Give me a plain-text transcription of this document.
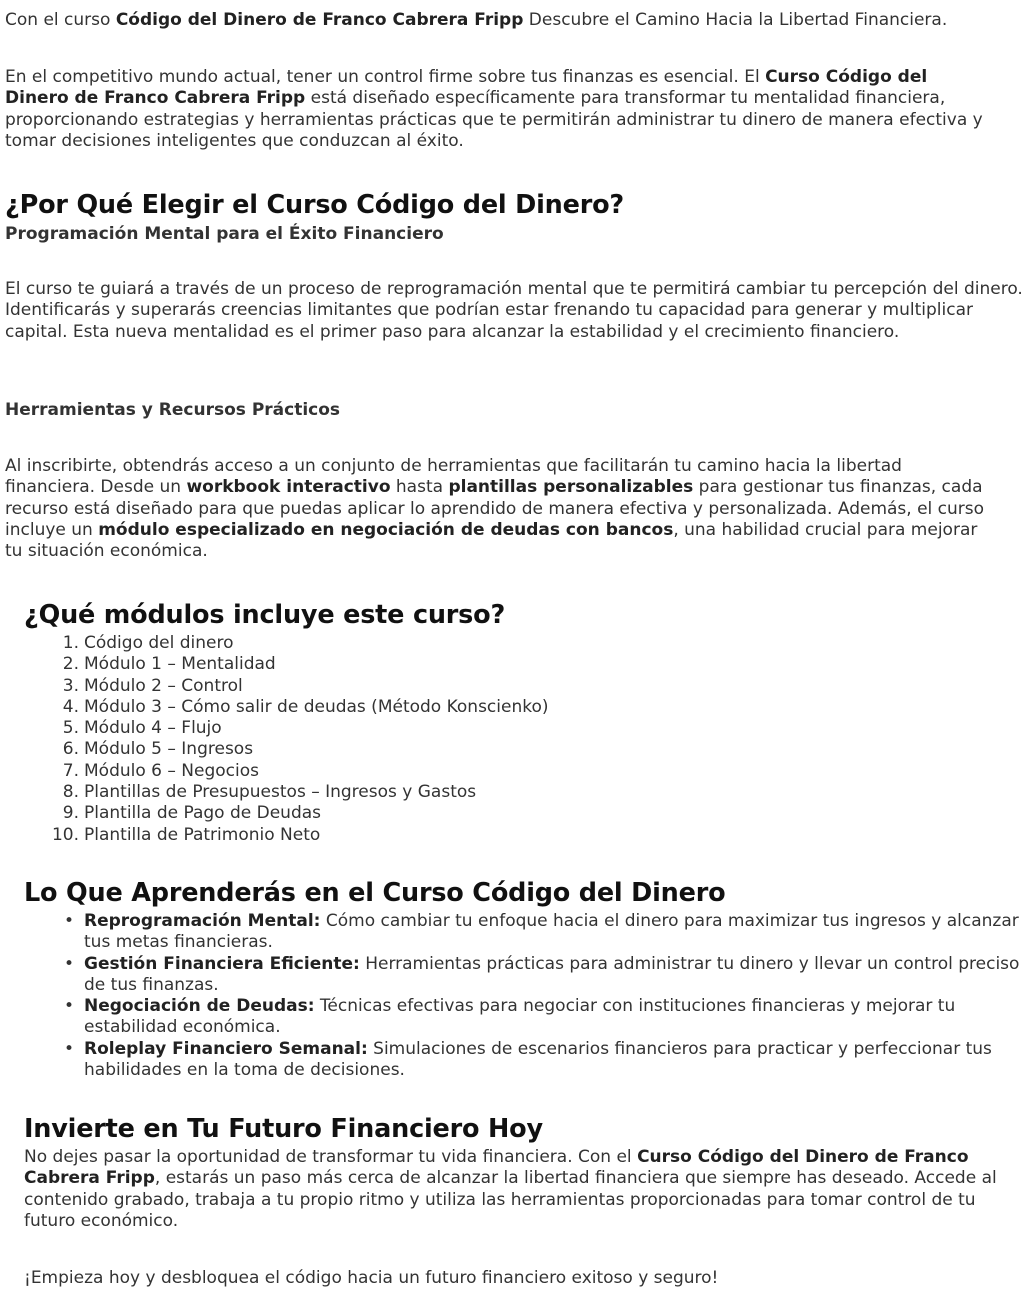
Con el curso Código del Dinero de Franco Cabrera Fripp Descubre el Camino Hacia la Libertad Financiera.

En el competitivo mundo actual, tener un control firme sobre tus finanzas es esencial. El Curso Código del Dinero de Franco Cabrera Fripp está diseñado específicamente para transformar tu mentalidad financiera, proporcionando estrategias y herramientas prácticas que te permitirán administrar tu dinero de manera efectiva y tomar decisiones inteligentes que conduzcan al éxito.

¿Por Qué Elegir el Curso Código del Dinero?
Programación Mental para el Éxito Financiero

El curso te guiará a través de un proceso de reprogramación mental que te permitirá cambiar tu percepción del dinero. Identificarás y superarás creencias limitantes que podrían estar frenando tu capacidad para generar y multiplicar capital. Esta nueva mentalidad es el primer paso para alcanzar la estabilidad y el crecimiento financiero.

Herramientas y Recursos Prácticos

Al inscribirte, obtendrás acceso a un conjunto de herramientas que facilitarán tu camino hacia la libertad financiera. Desde un workbook interactivo hasta plantillas personalizables para gestionar tus finanzas, cada recurso está diseñado para que puedas aplicar lo aprendido de manera efectiva y personalizada. Además, el curso incluye un módulo especializado en negociación de deudas con bancos, una habilidad crucial para mejorar tu situación económica.

¿Qué módulos incluye este curso?
1. Código del dinero
2. Módulo 1 – Mentalidad
3. Módulo 2 – Control
4. Módulo 3 – Cómo salir de deudas (Método Konscienko)
5. Módulo 4 – Flujo
6. Módulo 5 – Ingresos
7. Módulo 6 – Negocios
8. Plantillas de Presupuestos – Ingresos y Gastos
9. Plantilla de Pago de Deudas
10. Plantilla de Patrimonio Neto
Lo Que Aprenderás en el Curso Código del Dinero
• Reprogramación Mental: Cómo cambiar tu enfoque hacia el dinero para maximizar tus ingresos y alcanzar tus metas financieras.
• Gestión Financiera Eficiente: Herramientas prácticas para administrar tu dinero y llevar un control preciso de tus finanzas.
• Negociación de Deudas: Técnicas efectivas para negociar con instituciones financieras y mejorar tu estabilidad económica.
• Roleplay Financiero Semanal: Simulaciones de escenarios financieros para practicar y perfeccionar tus habilidades en la toma de decisiones.
Invierte en Tu Futuro Financiero Hoy

No dejes pasar la oportunidad de transformar tu vida financiera. Con el Curso Código del Dinero de Franco Cabrera Fripp, estarás un paso más cerca de alcanzar la libertad financiera que siempre has deseado. Accede al contenido grabado, trabaja a tu propio ritmo y utiliza las herramientas proporcionadas para tomar control de tu futuro económico.

¡Empieza hoy y desbloquea el código hacia un futuro financiero exitoso y seguro!
